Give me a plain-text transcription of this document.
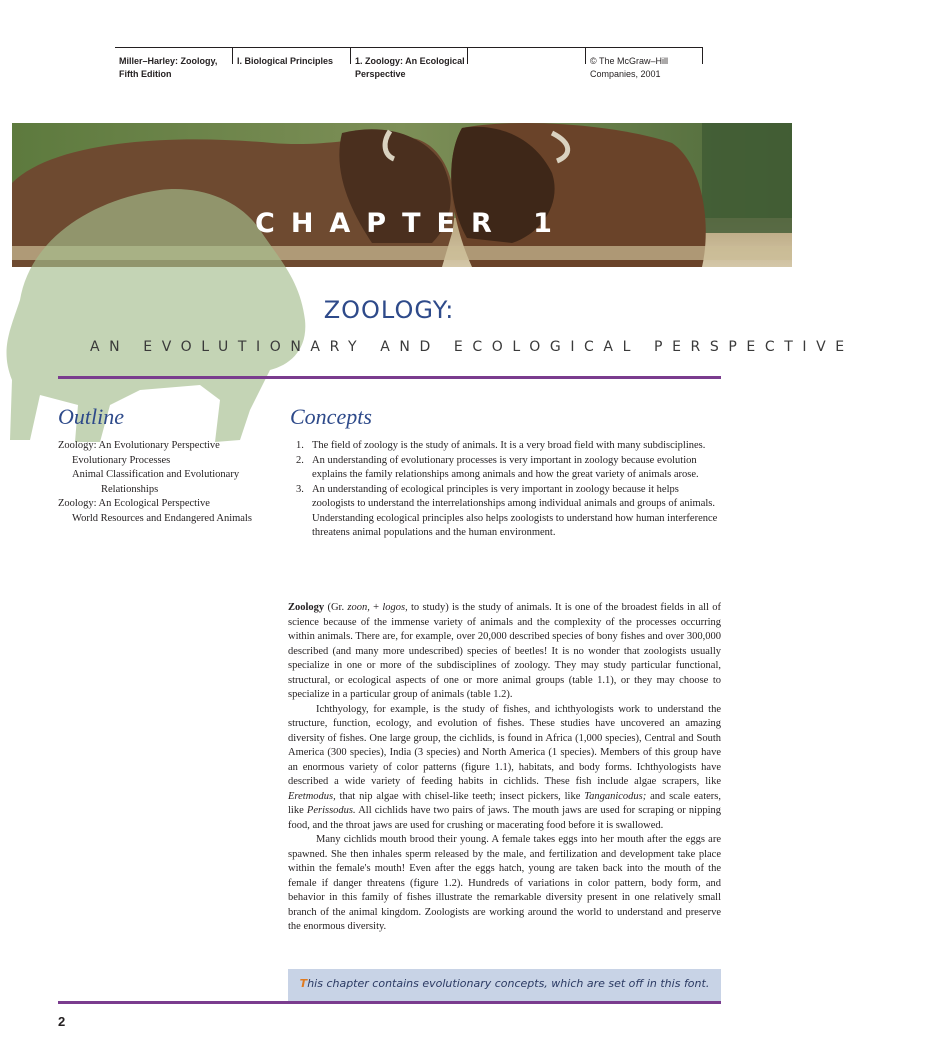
Miller–Harley: Zoology,
Fifth Edition
I. Biological Principles	1. Zoology: An Ecological
Perspective
© The McGraw–Hill
Companies, 2001
CHAPTER 1
ZOOLOGY:
AN EVOLUTIONARY AND ECOLOGICAL PERSPECTIVE
Outline
Zoology: An Evolutionary Perspective
Evolutionary Processes
Animal Classification and Evolutionary
Relationships
Zoology: An Ecological Perspective
World Resources and Endangered Animals
Concepts
1. The field of zoology is the study of animals. It is a very broad field with many subdisciplines.
2. An understanding of evolutionary processes is very important in zoology because evolution explains the family relationships among animals and how the great variety of animals arose.
3. An understanding of ecological principles is very important in zoology because it helps zoologists to understand the interrelationships among individual animals and groups of animals. Understanding ecological principles also helps zoologists to understand how human interference threatens animal populations and the human environment.

Zoology (Gr. zoon, + logos, to study) is the study of animals. It is one of the broadest fields in all of science because of the immense variety of animals and the complexity of the processes occurring within animals. There are, for example, over 20,000 described species of bony fishes and over 300,000 described (and many more undescribed) species of beetles! It is no wonder that zoologists usually specialize in one or more of the subdisciplines of zoology. They may study particular functional, structural, or ecological aspects of one or more animal groups (table 1.1), or they may choose to specialize in a particular group of animals (table 1.2).

Ichthyology, for example, is the study of fishes, and ichthyologists work to understand the structure, function, ecology, and evolution of fishes. These studies have uncovered an amazing diversity of fishes. One large group, the cichlids, is found in Africa (1,000 species), Central and South America (300 species), India (3 species) and North America (1 species). Members of this group have an enormous variety of color patterns (figure 1.1), habitats, and body forms. Ichthyologists have described a wide variety of feeding habits in cichlids. These fish include algae scrapers, like Eretmodus, that nip algae with chisel-like teeth; insect pickers, like Tanganicodus; and scale eaters, like Perissodus. All cichlids have two pairs of jaws. The mouth jaws are used for scraping or nipping food, and the throat jaws are used for crushing or macerating food before it is swallowed.

Many cichlids mouth brood their young. A female takes eggs into her mouth after the eggs are spawned. She then inhales sperm released by the male, and fertilization and development take place within the female's mouth! Even after the eggs hatch, young are taken back into the mouth of the female if danger threatens (figure 1.2). Hundreds of variations in color pattern, body form, and behavior in this family of fishes illustrate the remarkable diversity present in one relatively small branch of the animal kingdom. Zoologists are working around the world to understand and preserve the enormous diversity.

This chapter contains evolutionary concepts, which are set off in this font.
2
